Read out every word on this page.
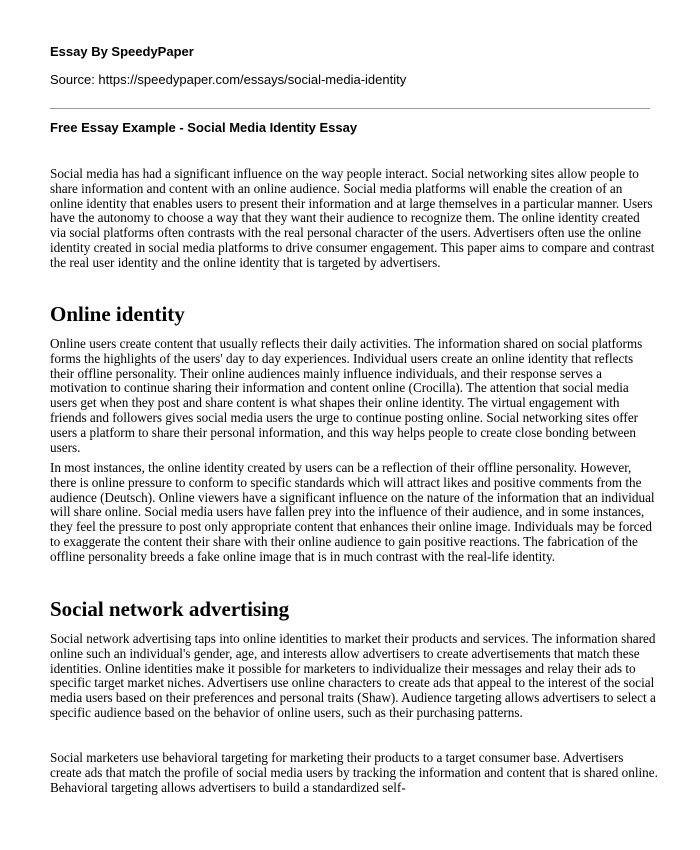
Essay By SpeedyPaper
Source: https://speedypaper.com/essays/social-media-identity
Free Essay Example - Social Media Identity Essay

Social media has had a significant influence on the way people interact. Social networking sites allow people to share information and content with an online audience. Social media platforms will enable the creation of an online identity that enables users to present their information and at large themselves in a particular manner. Users have the autonomy to choose a way that they want their audience to recognize them. The online identity created via social platforms often contrasts with the real personal character of the users. Advertisers often use the online identity created in social media platforms to drive consumer engagement. This paper aims to compare and contrast the real user identity and the online identity that is targeted by advertisers.

Online identity

Online users create content that usually reflects their daily activities. The information shared on social platforms forms the highlights of the users' day to day experiences. Individual users create an online identity that reflects their offline personality. Their online audiences mainly influence individuals, and their response serves a motivation to continue sharing their information and content online (Crocilla). The attention that social media users get when they post and share content is what shapes their online identity. The virtual engagement with friends and followers gives social media users the urge to continue posting online. Social networking sites offer users a platform to share their personal information, and this way helps people to create close bonding between users.

In most instances, the online identity created by users can be a reflection of their offline personality. However, there is online pressure to conform to specific standards which will attract likes and positive comments from the audience (Deutsch). Online viewers have a significant influence on the nature of the information that an individual will share online. Social media users have fallen prey into the influence of their audience, and in some instances, they feel the pressure to post only appropriate content that enhances their online image. Individuals may be forced to exaggerate the content their share with their online audience to gain positive reactions. The fabrication of the offline personality breeds a fake online image that is in much contrast with the real-life identity.

Social network advertising

Social network advertising taps into online identities to market their products and services. The information shared online such an individual's gender, age, and interests allow advertisers to create advertisements that match these identities. Online identities make it possible for marketers to individualize their messages and relay their ads to specific target market niches. Advertisers use online characters to create ads that appeal to the interest of the social media users based on their preferences and personal traits (Shaw). Audience targeting allows advertisers to select a specific audience based on the behavior of online users, such as their purchasing patterns.

Social marketers use behavioral targeting for marketing their products to a target consumer base. Advertisers create ads that match the profile of social media users by tracking the information and content that is shared online. Behavioral targeting allows advertisers to build a standardized self-
